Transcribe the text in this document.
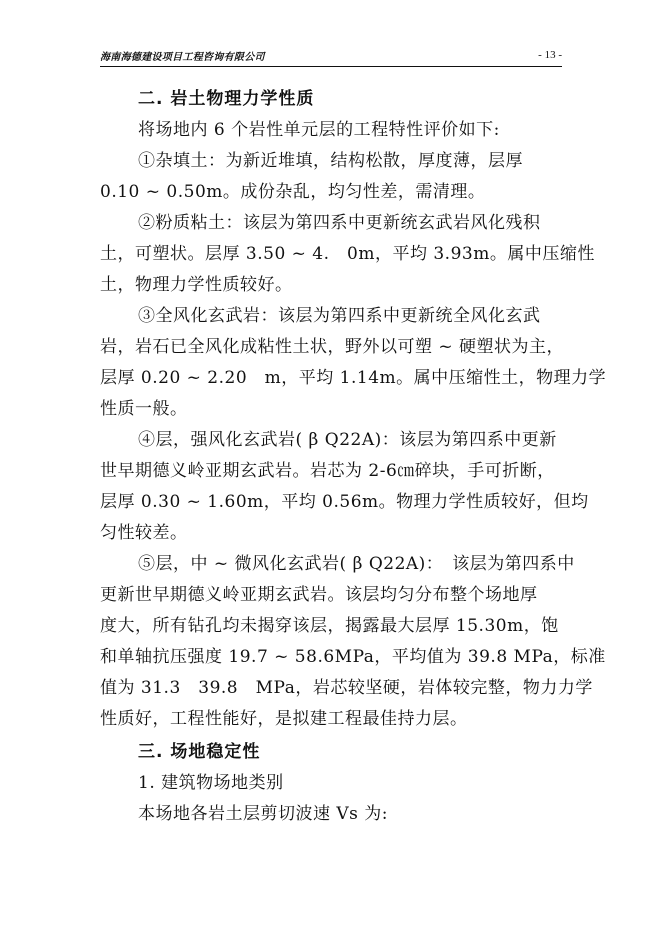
海南海德建设项目工程咨询有限公司	- 13 -
二. 岩土物理力学性质
将场地内 6 个岩性单元层的工程特性评价如下:
①杂填土：为新近堆填，结构松散，厚度薄，层厚
0.10 ~ 0.50m。成份杂乱，均匀性差，需清理。
②粉质粘土：该层为第四系中更新统玄武岩风化残积
土，可塑状。层厚 3.50 ~ 4.　0m，平均 3.93m。属中压缩性
土，物理力学性质较好。
③全风化玄武岩：该层为第四系中更新统全风化玄武
岩，岩石已全风化成粘性土状，野外以可塑 ~ 硬塑状为主，
层厚 0.20 ~ 2.20　m，平均 1.14m。属中压缩性土，物理力学
性质一般。
④层，强风化玄武岩( β Q22A)：该层为第四系中更新
世早期德义岭亚期玄武岩。岩芯为 2-6㎝碎块，手可折断，
层厚 0.30 ~ 1.60m，平均 0.56m。物理力学性质较好，但均
匀性较差。
⑤层，中 ~ 微风化玄武岩( β Q22A)：　该层为第四系中
更新世早期德义岭亚期玄武岩。该层均匀分布整个场地厚
度大，所有钻孔均未揭穿该层，揭露最大层厚 15.30m，饱
和单轴抗压强度 19.7 ~ 58.6MPa，平均值为 39.8 MPa，标准
值为 31.3　39.8　MPa，岩芯较坚硬，岩体较完整，物力力学
性质好，工程性能好，是拟建工程最佳持力层。
三. 场地稳定性
1. 建筑物场地类别
本场地各岩土层剪切波速 Vs 为:
